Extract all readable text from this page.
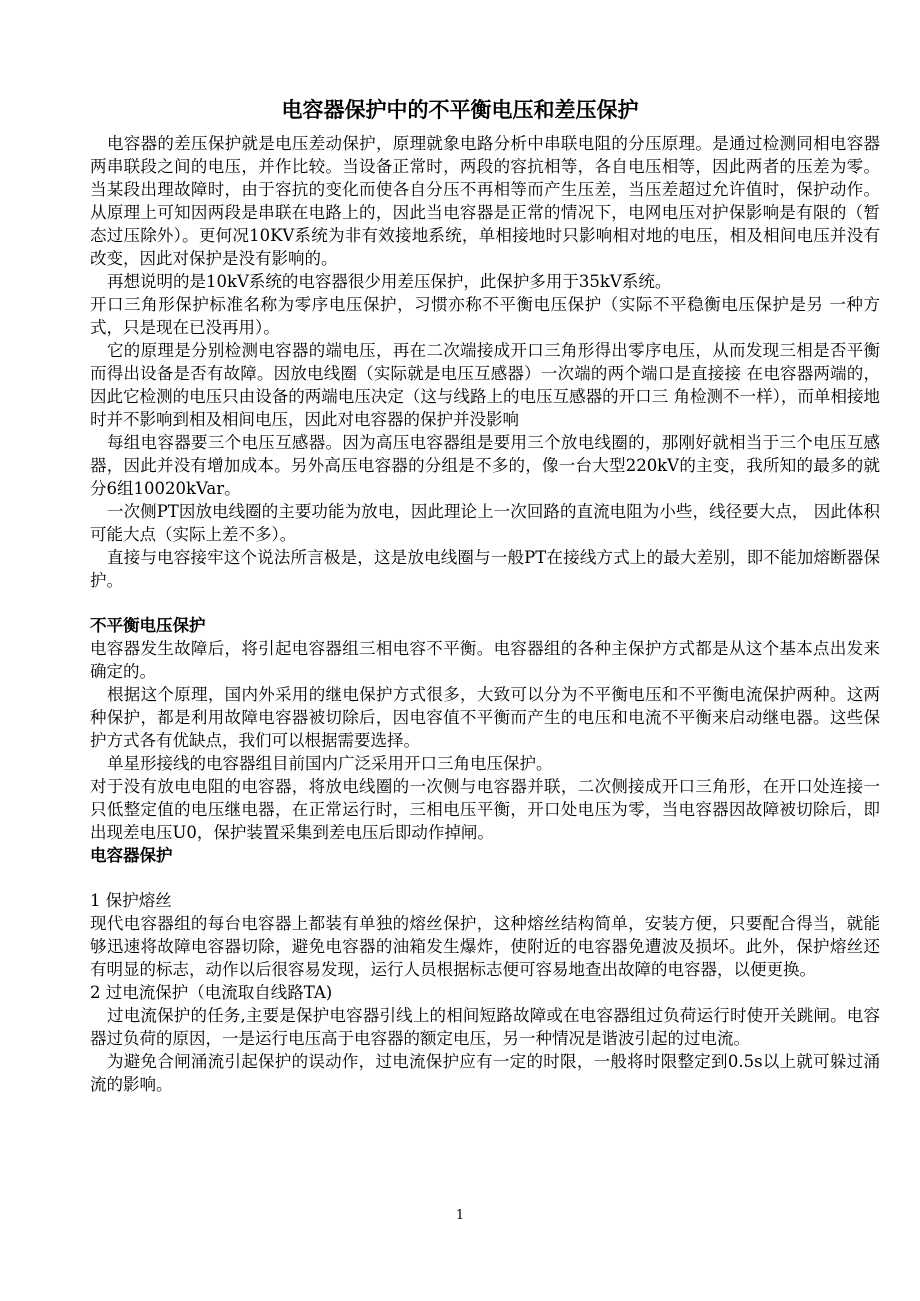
电容器保护中的不平衡电压和差压保护

电容器的差压保护就是电压差动保护，原理就象电路分析中串联电阻的分压原理。是通过检测同相电容器两串联段之间的电压，并作比较。当设备正常时，两段的容抗相等，各自电压相等，因此两者的压差为零。当某段出理故障时，由于容抗的变化而使各自分压不再相等而产生压差，当压差超过允许值时，保护动作。从原理上可知因两段是串联在电路上的，因此当电容器是正常的情况下，电网电压对护保影响是有限的（暂态过压除外）。更何况10KV系统为非有效接地系统，单相接地时只影响相对地的电压，相及相间电压并没有改变，因此对保护是没有影响的。

再想说明的是10kV系统的电容器很少用差压保护，此保护多用于35kV系统。

开口三角形保护标准名称为零序电压保护，习惯亦称不平衡电压保护（实际不平稳衡电压保护是另 一种方式，只是现在已没再用）。

它的原理是分别检测电容器的端电压，再在二次端接成开口三角形得出零序电压，从而发现三相是否平衡而得出设备是否有故障。因放电线圈（实际就是电压互感器）一次端的两个端口是直接接 在电容器两端的，因此它检测的电压只由设备的两端电压决定（这与线路上的电压互感器的开口三 角检测不一样），而单相接地时并不影响到相及相间电压，因此对电容器的保护并没影响

每组电容器要三个电压互感器。因为高压电容器组是要用三个放电线圈的，那刚好就相当于三个电压互感器，因此并没有增加成本。另外高压电容器的分组是不多的，像一台大型220kV的主变，我所知的最多的就分6组10020kVar。

一次侧PT因放电线圈的主要功能为放电，因此理论上一次回路的直流电阻为小些，线径要大点， 因此体积可能大点（实际上差不多）。

直接与电容接牢这个说法所言极是，这是放电线圈与一般PT在接线方式上的最大差别，即不能加熔断器保护。

不平衡电压保护

电容器发生故障后，将引起电容器组三相电容不平衡。电容器组的各种主保护方式都是从这个基本点出发来确定的。

根据这个原理，国内外采用的继电保护方式很多，大致可以分为不平衡电压和不平衡电流保护两种。这两种保护，都是利用故障电容器被切除后，因电容值不平衡而产生的电压和电流不平衡来启动继电器。这些保护方式各有优缺点，我们可以根据需要选择。

单星形接线的电容器组目前国内广泛采用开口三角电压保护。

对于没有放电电阻的电容器，将放电线圈的一次侧与电容器并联，二次侧接成开口三角形，在开口处连接一只低整定值的电压继电器，在正常运行时，三相电压平衡，开口处电压为零，当电容器因故障被切除后，即出现差电压U0，保护装置采集到差电压后即动作掉闸。

电容器保护

1 保护熔丝

现代电容器组的每台电容器上都装有单独的熔丝保护，这种熔丝结构简单，安装方便，只要配合得当，就能够迅速将故障电容器切除，避免电容器的油箱发生爆炸，使附近的电容器免遭波及损坏。此外，保护熔丝还有明显的标志，动作以后很容易发现，运行人员根据标志便可容易地查出故障的电容器，以便更换。

2 过电流保护（电流取自线路TA)

过电流保护的任务,主要是保护电容器引线上的相间短路故障或在电容器组过负荷运行时使开关跳闸。电容器过负荷的原因，一是运行电压高于电容器的额定电压，另一种情况是谐波引起的过电流。

为避免合闸涌流引起保护的误动作，过电流保护应有一定的时限，一般将时限整定到0.5s以上就可躲过涌流的影响。

1
